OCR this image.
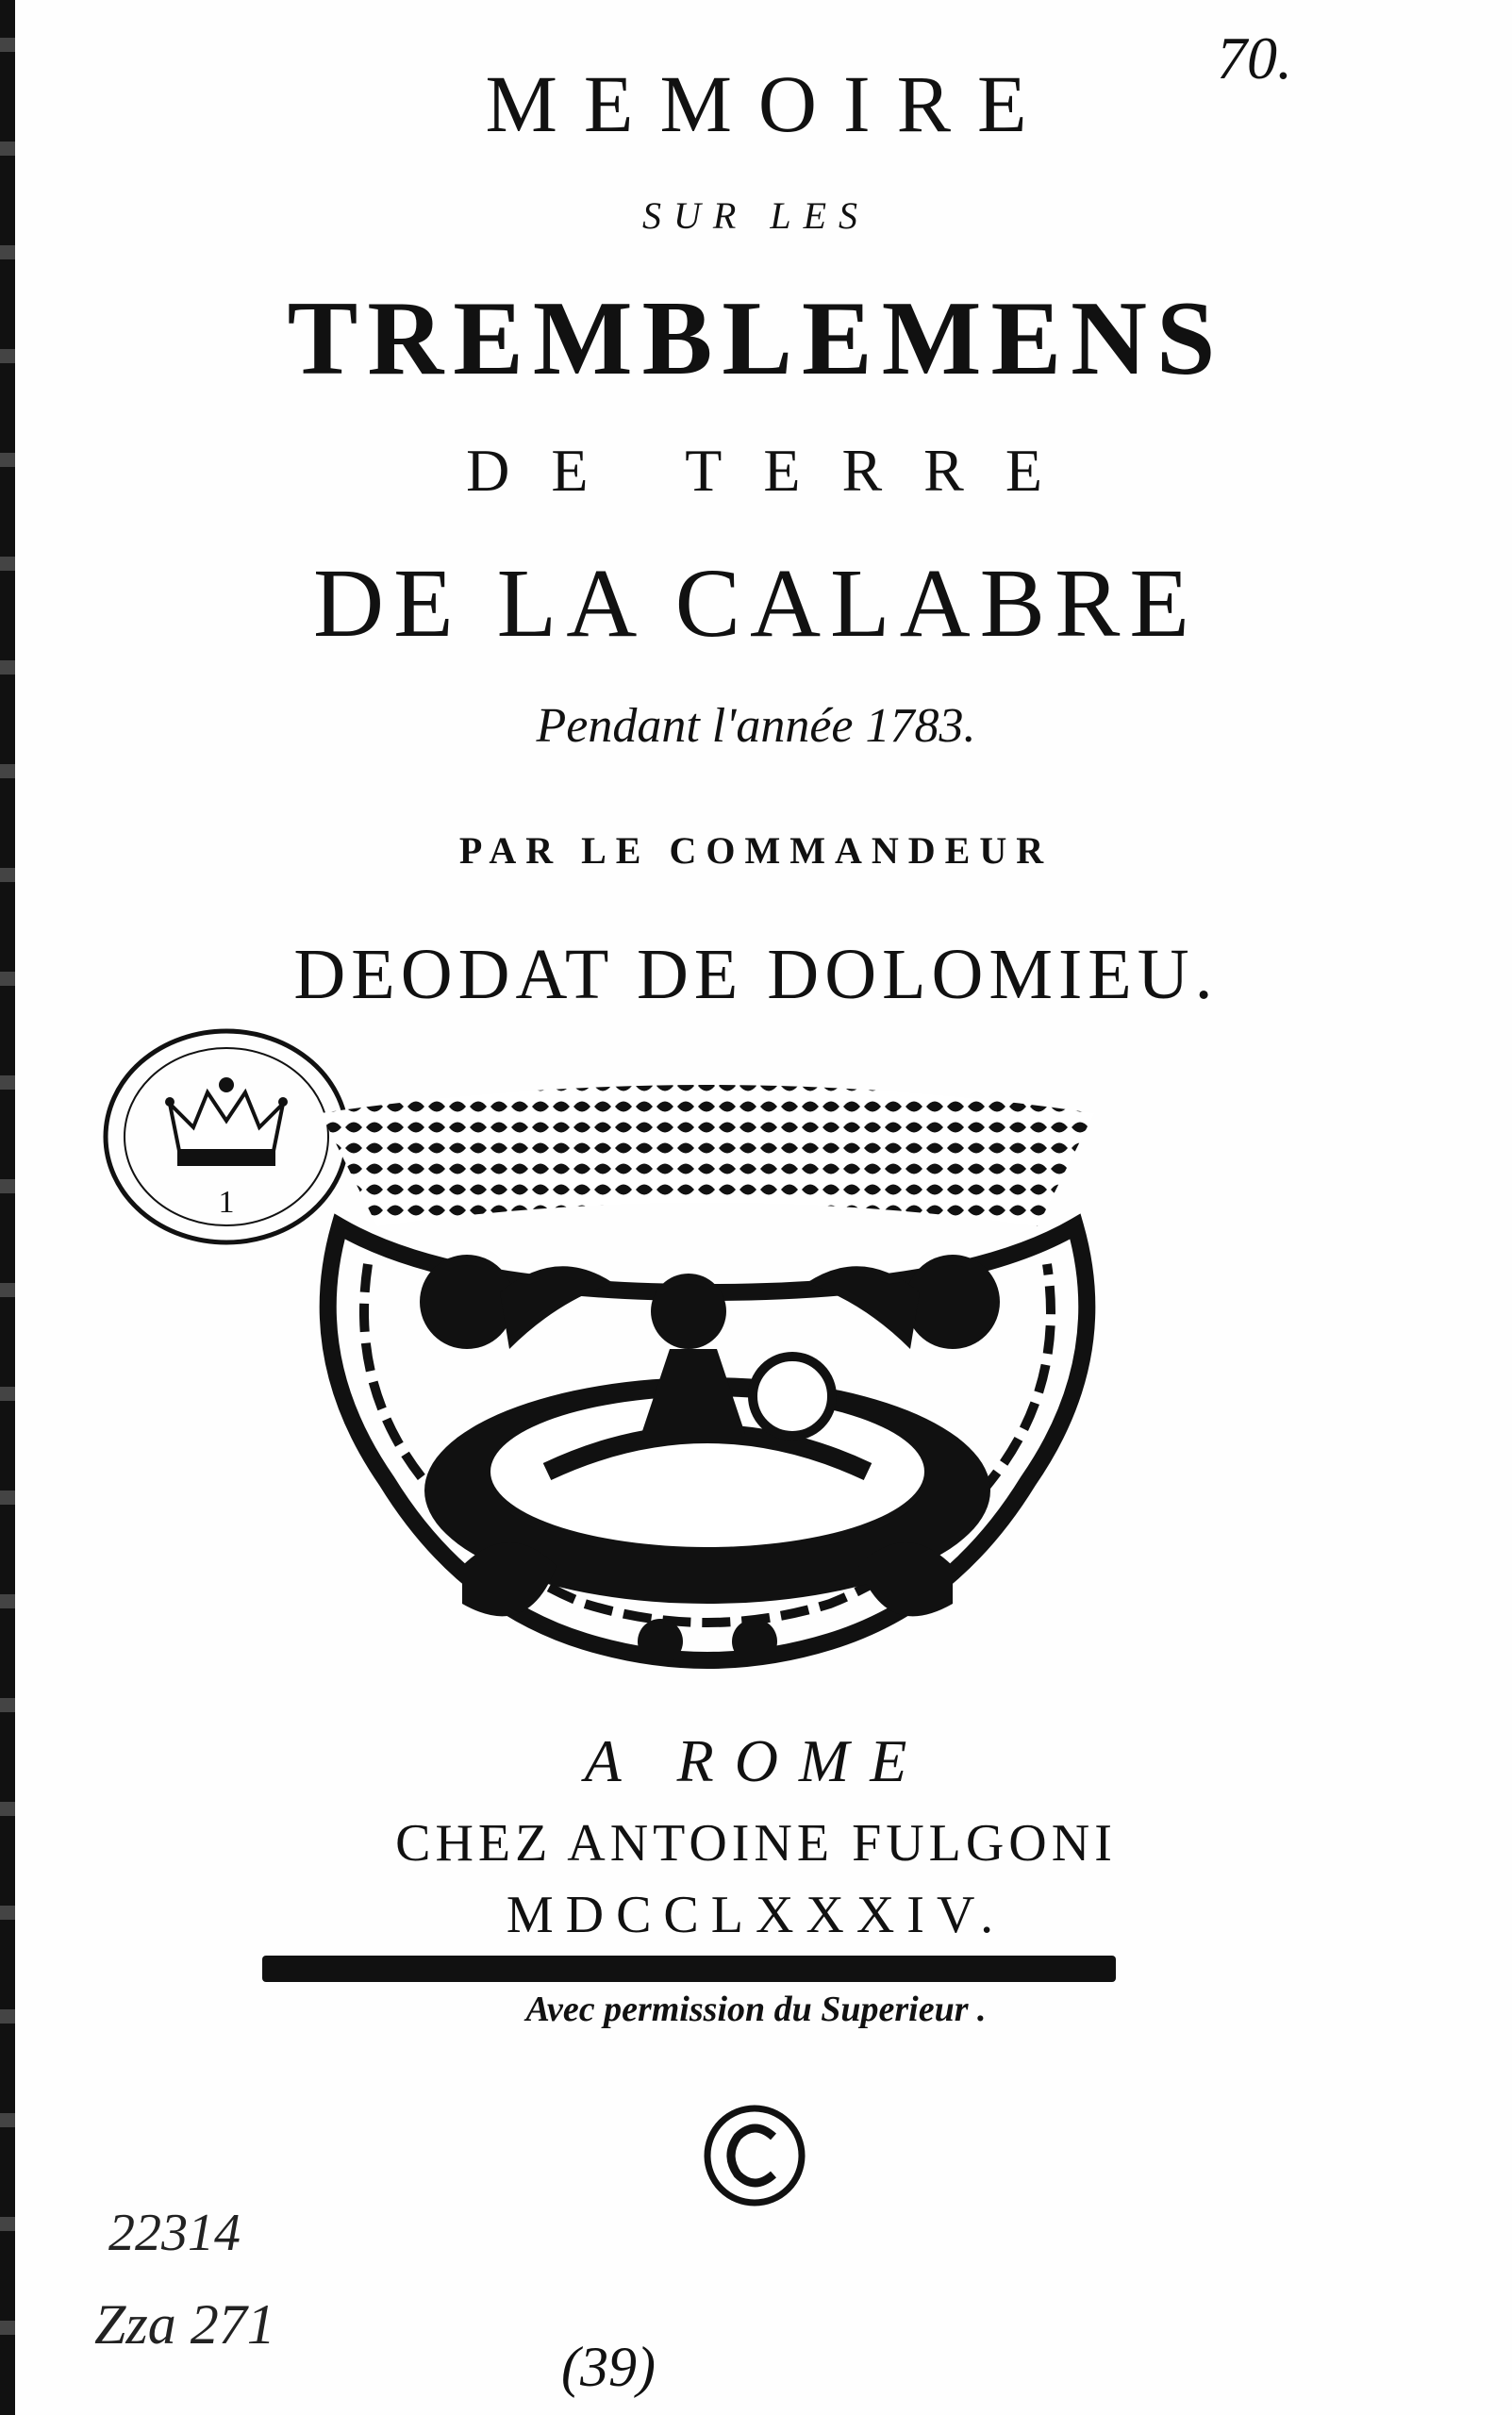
MEMOIRE
SUR LES
TREMBLEMENS
DE TERRE
DE LA CALABRE
Pendant l'année 1783.
PAR LE COMMANDEUR
DEODAT DE DOLOMIEU.
70.
1
A ROME
CHEZ ANTOINE FULGONI
MDCCLXXXIV.
Avec permission du Superieur .
22314
Zza 271
(39)
